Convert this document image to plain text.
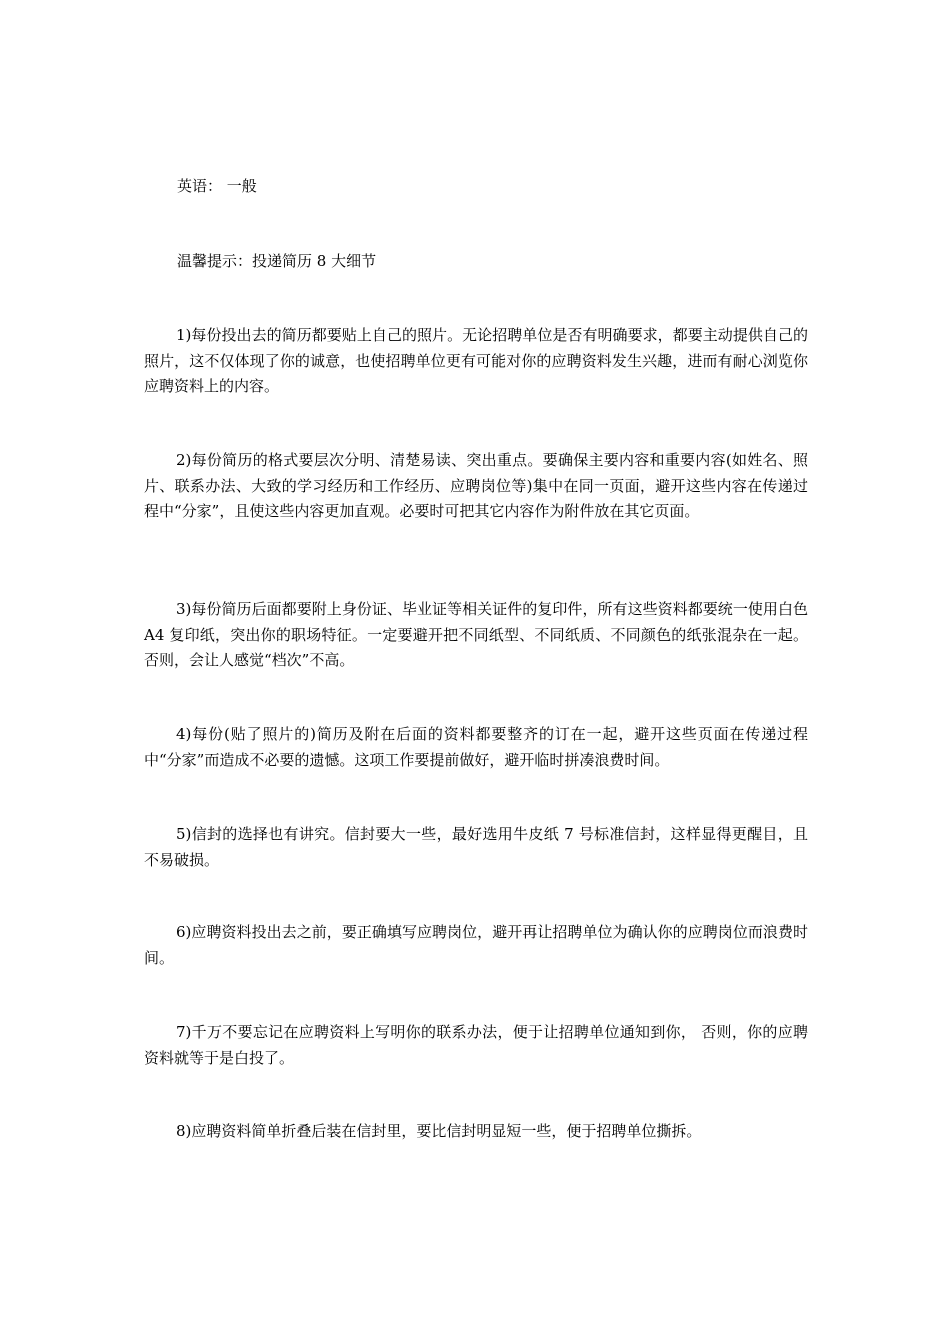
英语： 一般
温馨提示：投递简历 8 大细节
1)每份投出去的简历都要贴上自己的照片。无论招聘单位是否有明确要求，都要主动提供自己的照片，这不仅体现了你的诚意，也使招聘单位更有可能对你的应聘资料发生兴趣，进而有耐心浏览你应聘资料上的内容。
2)每份简历的格式要层次分明、清楚易读、突出重点。要确保主要内容和重要内容(如姓名、照片、联系办法、大致的学习经历和工作经历、应聘岗位等)集中在同一页面，避开这些内容在传递过程中“分家”，且使这些内容更加直观。必要时可把其它内容作为附件放在其它页面。
3)每份简历后面都要附上身份证、毕业证等相关证件的复印件，所有这些资料都要统一使用白色 A4 复印纸，突出你的职场特征。一定要避开把不同纸型、不同纸质、不同颜色的纸张混杂在一起。否则，会让人感觉“档次”不高。
4)每份(贴了照片的)简历及附在后面的资料都要整齐的订在一起，避开这些页面在传递过程中“分家”而造成不必要的遗憾。这项工作要提前做好，避开临时拼凑浪费时间。
5)信封的选择也有讲究。信封要大一些，最好选用牛皮纸 7 号标准信封，这样显得更醒目，且不易破损。
6)应聘资料投出去之前，要正确填写应聘岗位，避开再让招聘单位为确认你的应聘岗位而浪费时间。
7)千万不要忘记在应聘资料上写明你的联系办法，便于让招聘单位通知到你， 否则，你的应聘资料就等于是白投了。
8)应聘资料简单折叠后装在信封里，要比信封明显短一些，便于招聘单位撕拆。
